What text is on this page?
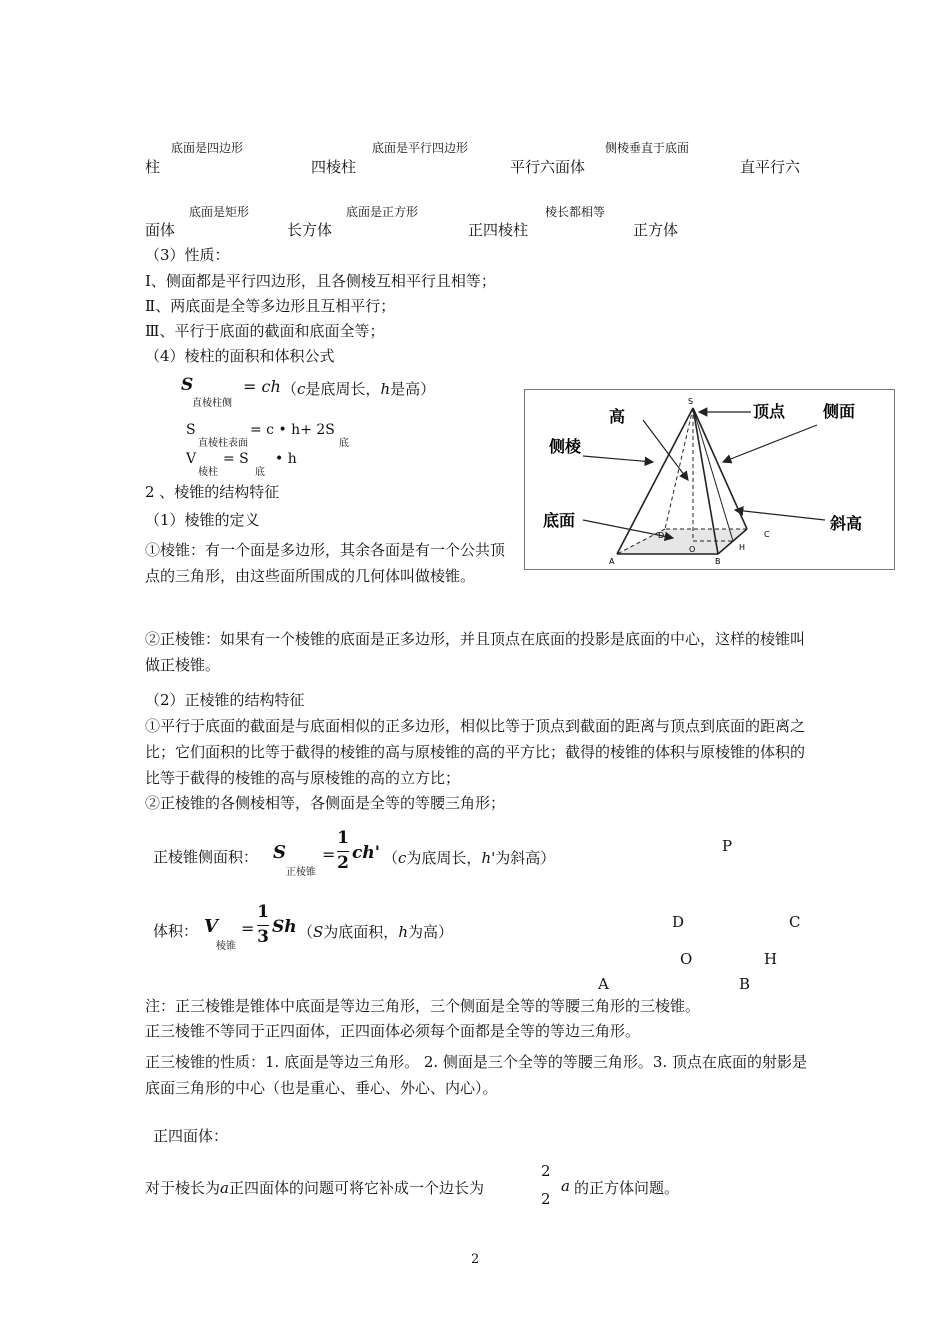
底面是四边形	底面是平行四边形	侧棱垂直于底面
柱	四棱柱	平行六面体	直平行六
底面是矩形	底面是正方形	棱长都相等
面体	长方体	正四棱柱	正方体
（3）性质：
Ⅰ、侧面都是平行四边形，且各侧棱互相平行且相等；
Ⅱ、两底面是全等多边形且互相平行；
Ⅲ、平行于底面的截面和底面全等；
（4）棱柱的面积和体积公式
S
直棱柱侧
= ch （c是底周长，h是高）
S
直棱柱表面
= c • h+ 2S
底
V
棱柱
= S
底
• h
2 、棱锥的结构特征
（1）棱锥的定义
①棱锥：有一个面是多边形，其余各面是有一个公共顶点的三角形，由这些面所围成的几何体叫做棱锥。
②正棱锥：如果有一个棱锥的底面是正多边形，并且顶点在底面的投影是底面的中心，这样的棱锥叫做正棱锥。
（2）正棱锥的结构特征
①平行于底面的截面是与底面相似的正多边形，相似比等于顶点到截面的距离与顶点到底面的距离之比；它们面积的比等于截得的棱锥的高与原棱锥的高的平方比；截得的棱锥的体积与原棱锥的体积的比等于截得的棱锥的高与原棱锥的高的立方比；
②正棱锥的各侧棱相等，各侧面是全等的等腰三角形；
正棱锥侧面积： S
正棱锥
=
1
2 ch' （c为底周长，h'为斜高）
体积： V
棱锥
=
1
3 Sh （S为底面积，h为高）
P
D	C
O	H
A	B
注：正三棱锥是锥体中底面是等边三角形，三个侧面是全等的等腰三角形的三棱锥。
正三棱锥不等同于正四面体，正四面体必须每个面都是全等的等边三角形。
正三棱锥的性质：1. 底面是等边三角形。 2. 侧面是三个全等的等腰三角形。3. 顶点在底面的射影是底面三角形的中心（也是重心、垂心、外心、内心）。
正四面体：
对于棱长为a正四面体的问题可将它补成一个边长为
2
2
a 的正方体问题。
2
高	顶点 侧面
侧棱
底面	斜高
S
A	B
C
D
O	H
